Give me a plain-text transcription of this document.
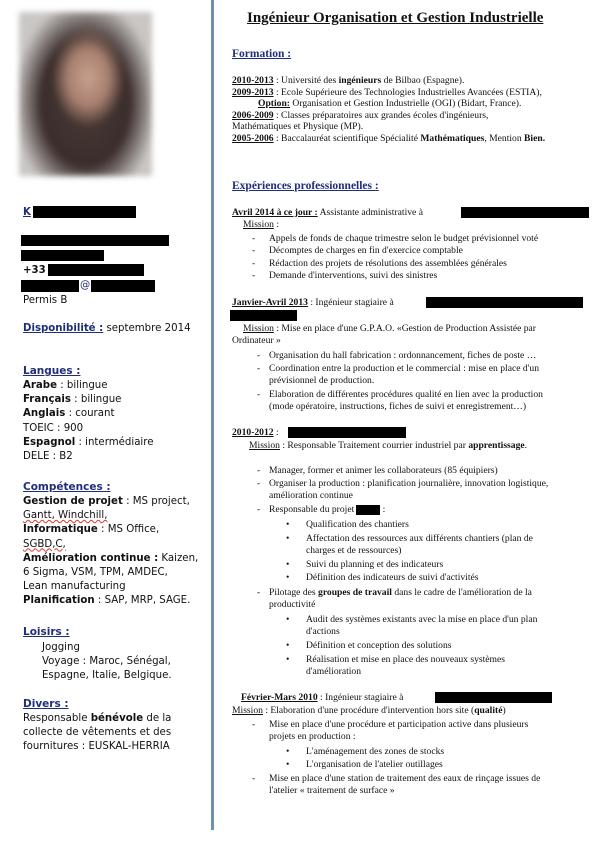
K
+33
@
Permis B
Disponibilité : septembre 2014
Langues :
Arabe : bilingue
Français : bilingue
Anglais : courant
TOEIC : 900
Espagnol : intermédiaire
DELE : B2
Compétences :
Gestion de projet : MS project,
Gantt, Windchill,
Informatique : MS Office,
SGBD,C,
Amélioration continue : Kaizen,
6 Sigma, VSM, TPM, AMDEC,
Lean manufacturing
Planification : SAP, MRP, SAGE.
Loisirs :
Jogging
Voyage : Maroc, Sénégal,
Espagne, Italie, Belgique.
Divers :
Responsable bénévole de la
collecte de vêtements et des
fournitures : EUSKAL-HERRIA
Ingénieur Organisation et Gestion Industrielle
Formation :
2010-2013 : Université des ingénieurs de Bilbao (Espagne).
2009-2013 : Ecole Supérieure des Technologies Industrielles Avancées (ESTIA),
Option: Organisation et Gestion Industrielle (OGI) (Bidart, France).
2006-2009 : Classes préparatoires aux grandes écoles d'ingénieurs,
Mathématiques et Physique (MP).
2005-2006 : Baccalauréat scientifique Spécialité Mathématiques, Mention Bien.
Expériences professionnelles :
Avril 2014 à ce jour : Assistante administrative à
Mission :
- Appels de fonds de chaque trimestre selon le budget prévisionnel voté
- Décomptes de charges en fin d'exercice comptable
- Rédaction des projets de résolutions des assemblées générales
- Demande d'interventions, suivi des sinistres
Janvier-Avril 2013 : Ingénieur stagiaire à
Mission : Mise en place d'une G.P.A.O. «Gestion de Production Assistée par
Ordinateur »
- Organisation du hall fabrication : ordonnancement, fiches de poste …
- Coordination entre la production et le commercial : mise en place d'un
prévisionnel de production.
- Elaboration de différentes procédures qualité en lien avec la production
(mode opératoire, instructions, fiches de suivi et enregistrement…)
2010-2012 :
Mission : Responsable Traitement courrier industriel par apprentissage.
- Manager, former et animer les collaborateurs (85 équipiers)
- Organiser la production : planification journalière, innovation logistique,
amélioration continue
- Responsable du projet	:
• Qualification des chantiers
• Affectation des ressources aux différents chantiers (plan de
charges et de ressources)
• Suivi du planning et des indicateurs
• Définition des indicateurs de suivi d'activités
- Pilotage des groupes de travail dans le cadre de l'amélioration de la
productivité
• Audit des systèmes existants avec la mise en place d'un plan
d'actions
• Définition et conception des solutions
• Réalisation et mise en place des nouveaux systèmes
d'amélioration
Février-Mars 2010 : Ingénieur stagiaire à
Mission : Elaboration d'une procédure d'intervention hors site (qualité)
- Mise en place d'une procédure et participation active dans plusieurs
projets en production :
• L'aménagement des zones de stocks
• L'organisation de l'atelier outillages
- Mise en place d'une station de traitement des eaux de rinçage issues de
l'atelier « traitement de surface »
